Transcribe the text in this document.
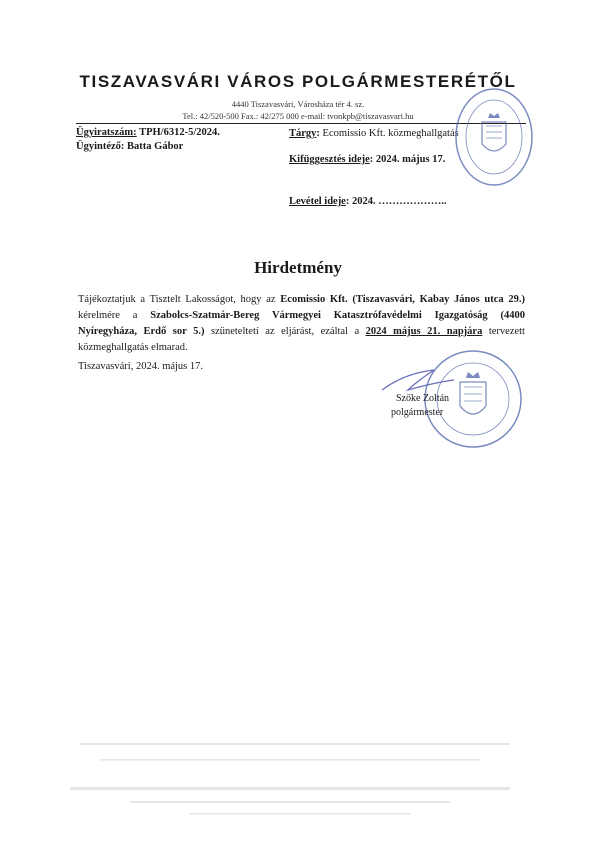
TISZAVASVÁRI VÁROS POLGÁRMESTERÉTŐL
4440 Tiszavasvári, Városháza tér 4. sz.
Tel.: 42/520-500 Fax.: 42/275 000 e-mail: tvonkpb@tiszavasvari.hu
Ügyiratszám: TPH/6312-5/2024.
Ügyintéző: Batta Gábor
Tárgy: Ecomissio Kft. közmeghallgatás
Kifüggesztés ideje: 2024. május 17.
Levétel ideje: 2024. ………………..
Hirdetmény
Tájékoztatjuk a Tisztelt Lakosságot, hogy az Ecomissio Kft. (Tiszavasvári, Kabay János utca 29.) kérelmére a Szabolcs-Szatmár-Bereg Vármegyei Katasztrófavédelmi Igazgatóság (4400 Nyíregyháza, Erdő sor 5.) szüneteltetí az eljárást, ezáltal a 2024 május 21. napjára tervezett közmeghallgatás elmarad.
Tiszavasvári, 2024. május 17.
Szőke Zoltán
polgármester
